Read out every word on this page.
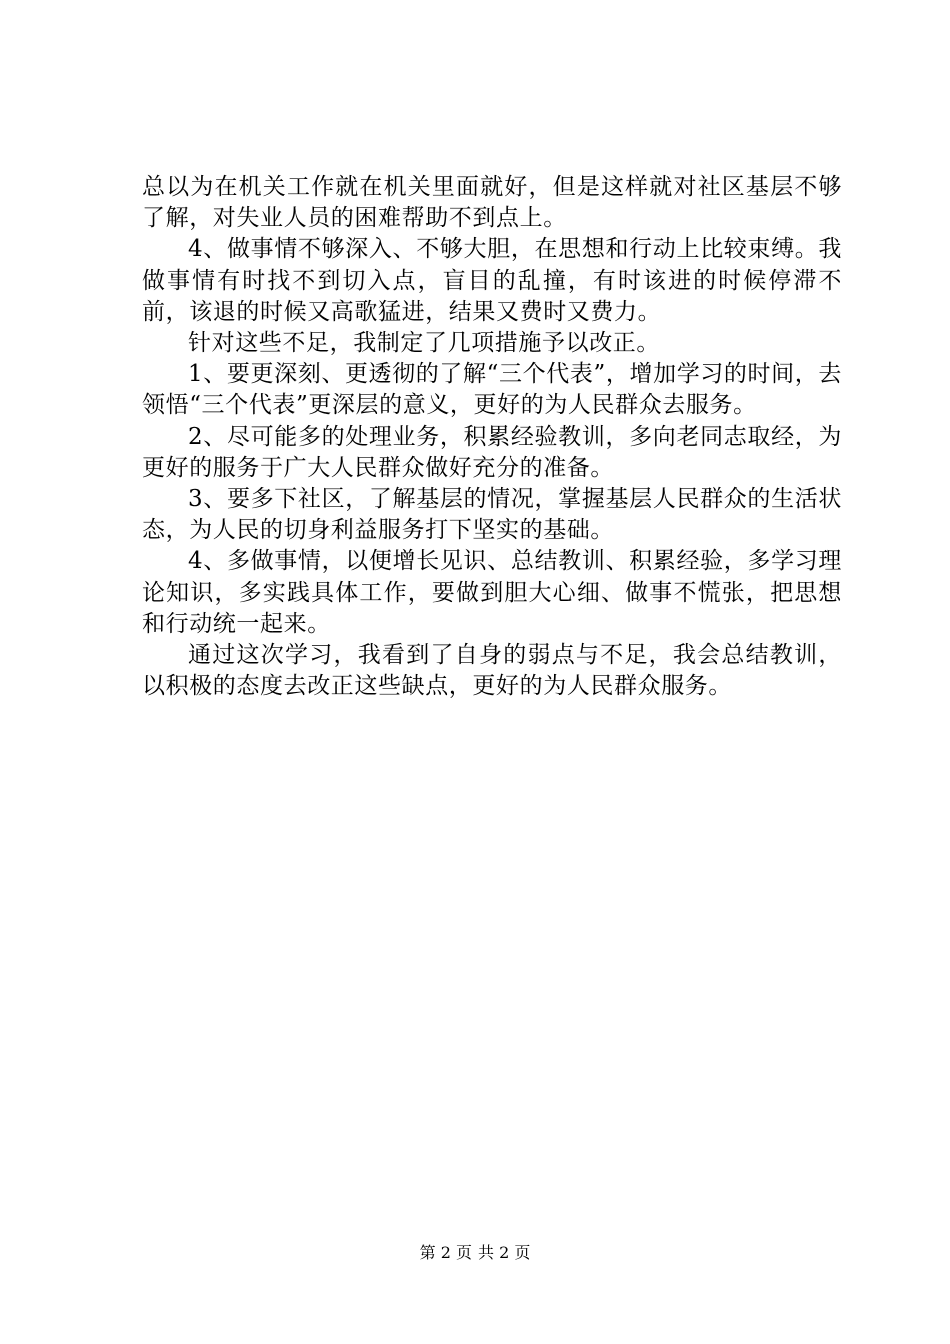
总以为在机关工作就在机关里面就好，但是这样就对社区基层不够了解，对失业人员的困难帮助不到点上。

4、做事情不够深入、不够大胆，在思想和行动上比较束缚。我做事情有时找不到切入点，盲目的乱撞，有时该进的时候停滞不前，该退的时候又高歌猛进，结果又费时又费力。

针对这些不足，我制定了几项措施予以改正。

1、要更深刻、更透彻的了解“三个代表”，增加学习的时间，去领悟“三个代表”更深层的意义，更好的为人民群众去服务。

2、尽可能多的处理业务，积累经验教训，多向老同志取经，为更好的服务于广大人民群众做好充分的准备。

3、要多下社区，了解基层的情况，掌握基层人民群众的生活状态，为人民的切身利益服务打下坚实的基础。

4、多做事情，以便增长见识、总结教训、积累经验，多学习理论知识，多实践具体工作，要做到胆大心细、做事不慌张，把思想和行动统一起来。

通过这次学习，我看到了自身的弱点与不足，我会总结教训，以积极的态度去改正这些缺点，更好的为人民群众服务。

第 2 页 共 2 页
